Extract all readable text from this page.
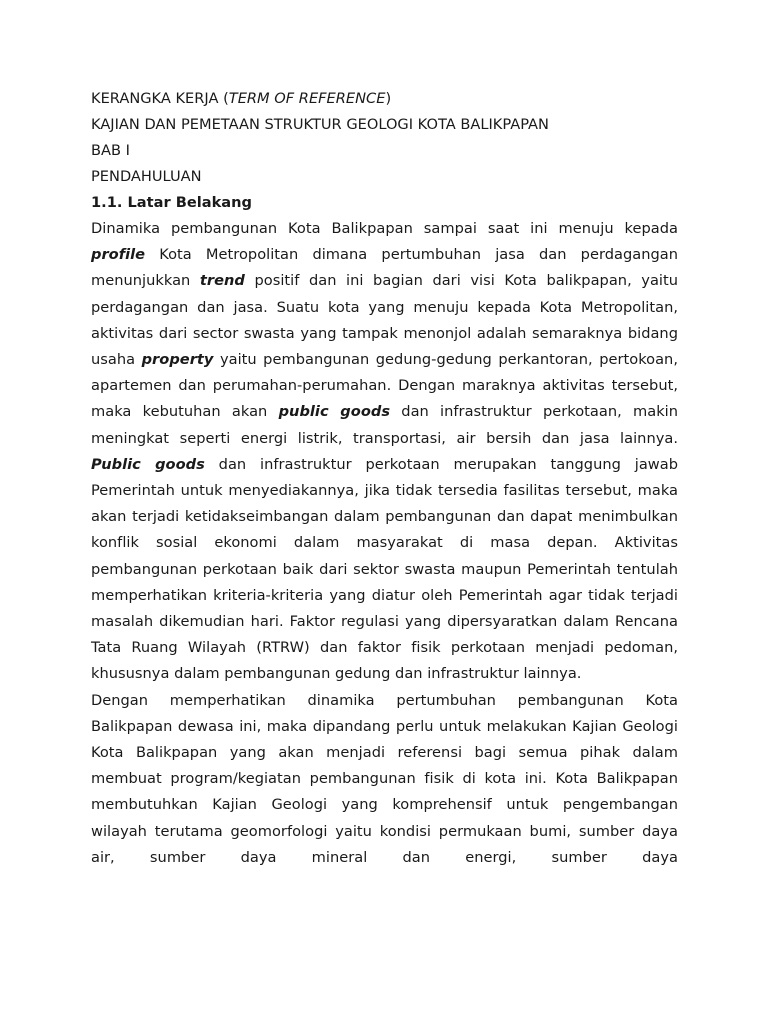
KERANGKA KERJA (TERM OF REFERENCE)
KAJIAN DAN PEMETAAN STRUKTUR GEOLOGI KOTA BALIKPAPAN
BAB I
PENDAHULUAN
1.1. Latar Belakang

Dinamika pembangunan Kota Balikpapan sampai saat ini menuju kepada profile Kota Metropolitan dimana pertumbuhan jasa dan perdagangan menunjukkan trend positif dan ini bagian dari visi Kota balikpapan, yaitu perdagangan dan jasa. Suatu kota yang menuju kepada Kota Metropolitan, aktivitas dari sector swasta yang tampak menonjol adalah semaraknya bidang usaha property yaitu pembangunan gedung-gedung perkantoran, pertokoan, apartemen dan perumahan-perumahan. Dengan maraknya aktivitas tersebut, maka kebutuhan akan public goods dan infrastruktur perkotaan, makin meningkat seperti energi listrik, transportasi, air bersih dan jasa lainnya. Public goods dan infrastruktur perkotaan merupakan tanggung jawab Pemerintah untuk menyediakannya, jika tidak tersedia fasilitas tersebut, maka akan terjadi ketidakseimbangan dalam pembangunan dan dapat menimbulkan konflik sosial ekonomi dalam masyarakat di masa depan. Aktivitas pembangunan perkotaan baik dari sektor swasta maupun Pemerintah tentulah memperhatikan kriteria-kriteria yang diatur oleh Pemerintah agar tidak terjadi masalah dikemudian hari. Faktor regulasi yang dipersyaratkan dalam Rencana Tata Ruang Wilayah (RTRW) dan faktor fisik perkotaan menjadi pedoman, khususnya dalam pembangunan gedung dan infrastruktur lainnya.

Dengan memperhatikan dinamika pertumbuhan pembangunan Kota Balikpapan dewasa ini, maka dipandang perlu untuk melakukan Kajian Geologi Kota Balikpapan yang akan menjadi referensi bagi semua pihak dalam membuat program/kegiatan pembangunan fisik di kota ini. Kota Balikpapan membutuhkan Kajian Geologi yang komprehensif untuk pengembangan wilayah terutama geomorfologi yaitu kondisi permukaan bumi, sumber daya air, sumber daya mineral dan energi, sumber daya
